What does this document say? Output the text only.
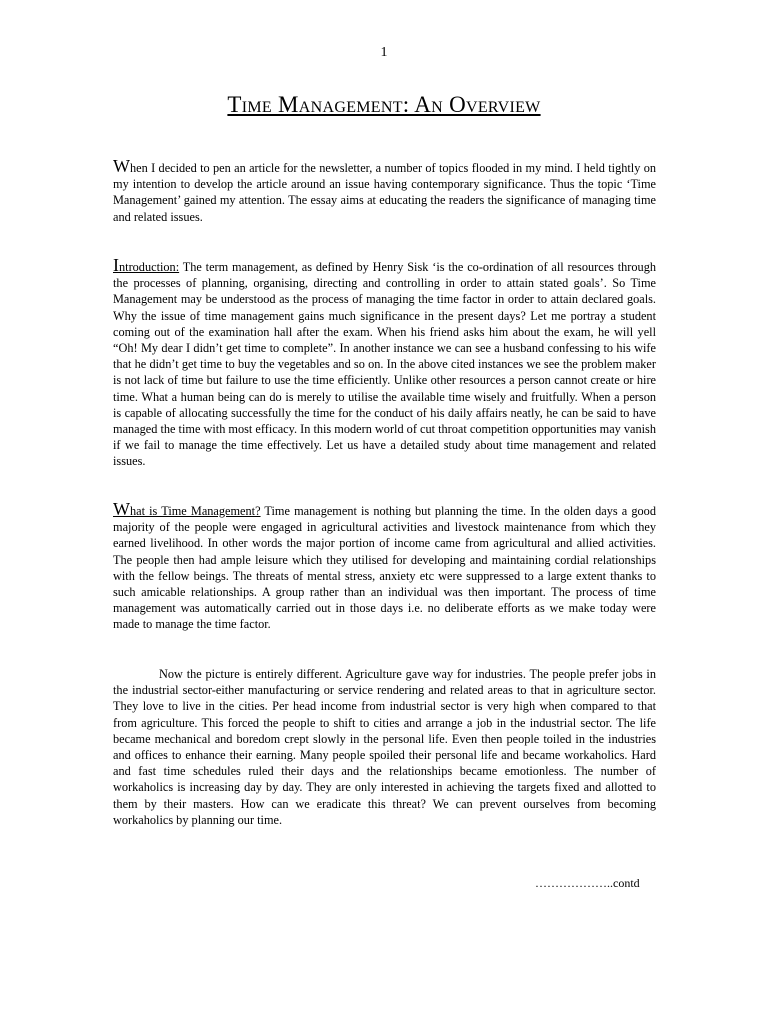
1
Time Management: An Overview
When I decided to pen an article for the newsletter, a number of topics flooded in my mind. I held tightly on my intention to develop the article around an issue having contemporary significance. Thus the topic ‘Time Management’ gained my attention. The essay aims at educating the readers the significance of managing time and related issues.
Introduction: The term management, as defined by Henry Sisk ‘is the co-ordination of all resources through the processes of planning, organising, directing and controlling in order to attain stated goals’. So Time Management may be understood as the process of managing the time factor in order to attain declared goals. Why the issue of time management gains much significance in the present days? Let me portray a student coming out of the examination hall after the exam. When his friend asks him about the exam, he will yell “Oh! My dear I didn’t get time to complete”. In another instance we can see a husband confessing to his wife that he didn’t get time to buy the vegetables and so on. In the above cited instances we see the problem maker is not lack of time but failure to use the time efficiently. Unlike other resources a person cannot create or hire time. What a human being can do is merely to utilise the available time wisely and fruitfully. When a person is capable of allocating successfully the time for the conduct of his daily affairs neatly, he can be said to have managed the time with most efficacy. In this modern world of cut throat competition opportunities may vanish if we fail to manage the time effectively. Let us have a detailed study about time management and related issues.
What is Time Management? Time management is nothing but planning the time. In the olden days a good majority of the people were engaged in agricultural activities and livestock maintenance from which they earned livelihood. In other words the major portion of income came from agricultural and allied activities. The people then had ample leisure which they utilised for developing and maintaining cordial relationships with the fellow beings. The threats of mental stress, anxiety etc were suppressed to a large extent thanks to such amicable relationships. A group rather than an individual was then important. The process of time management was automatically carried out in those days i.e. no deliberate efforts as we make today were made to manage the time factor.
Now the picture is entirely different. Agriculture gave way for industries. The people prefer jobs in the industrial sector-either manufacturing or service rendering and related areas to that in agriculture sector. They love to live in the cities. Per head income from industrial sector is very high when compared to that from agriculture. This forced the people to shift to cities and arrange a job in the industrial sector. The life became mechanical and boredom crept slowly in the personal life. Even then people toiled in the industries and offices to enhance their earning. Many people spoiled their personal life and became workaholics. Hard and fast time schedules ruled their days and the relationships became emotionless. The number of workaholics is increasing day by day. They are only interested in achieving the targets fixed and allotted to them by their masters. How can we eradicate this threat? We can prevent ourselves from becoming workaholics by planning our time.
………………..contd
